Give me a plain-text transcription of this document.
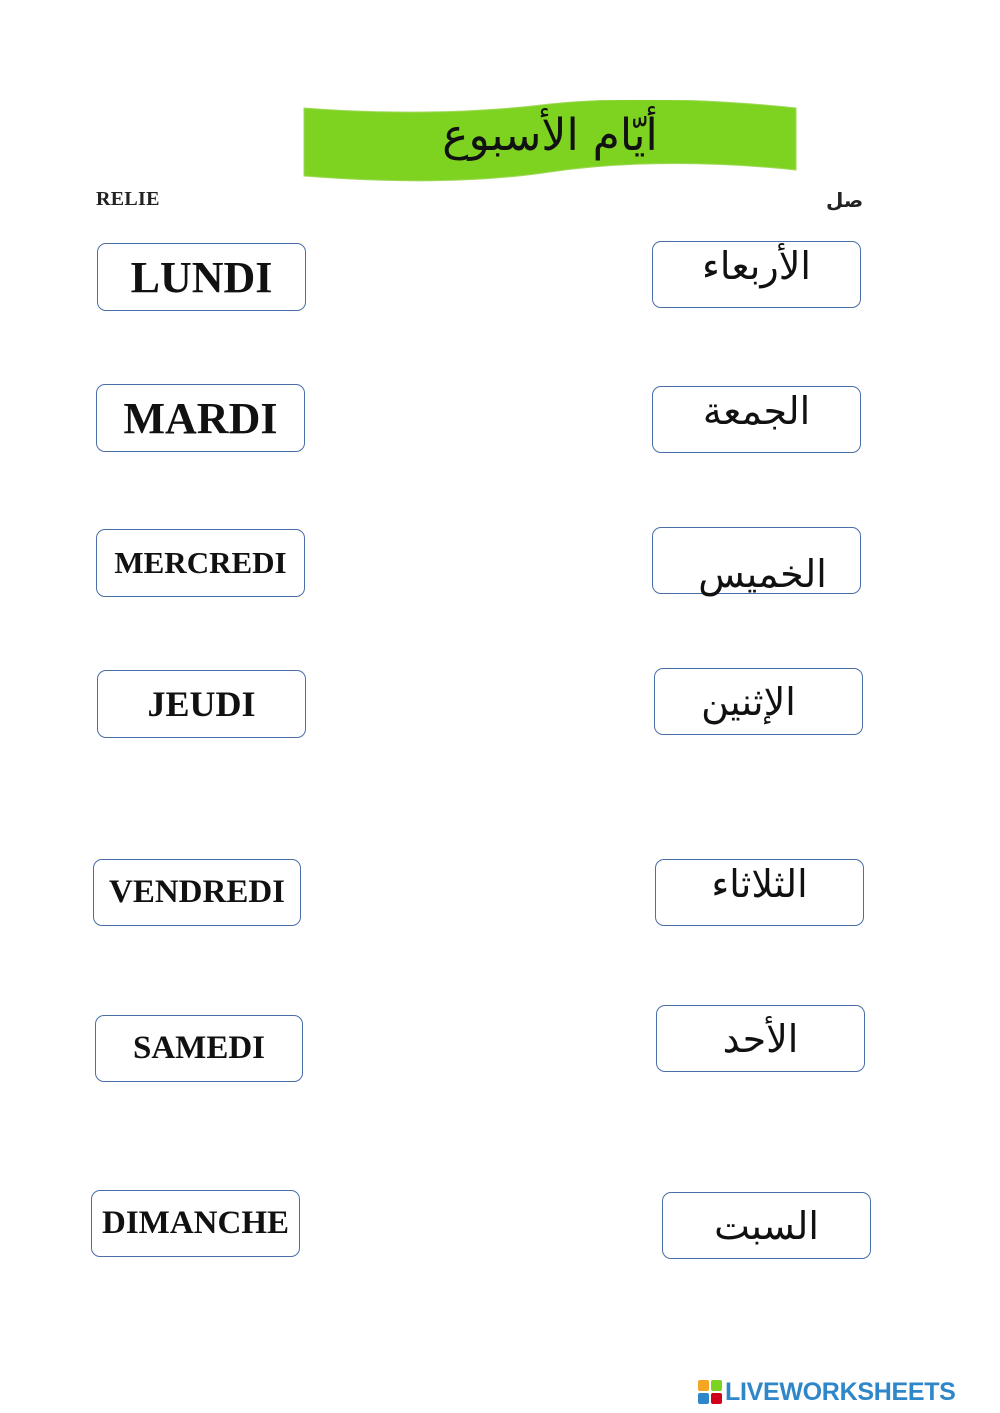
أيّام الأسبوع
RELIE	صل
LUNDI
MARDI
MERCREDI
JEUDI
VENDREDI
SAMEDI
DIMANCHE
الأربعاء
الجمعة
الخميس
الإثنين
الثلاثاء
الأحد
السبت
LIVEWORKSHEETS
